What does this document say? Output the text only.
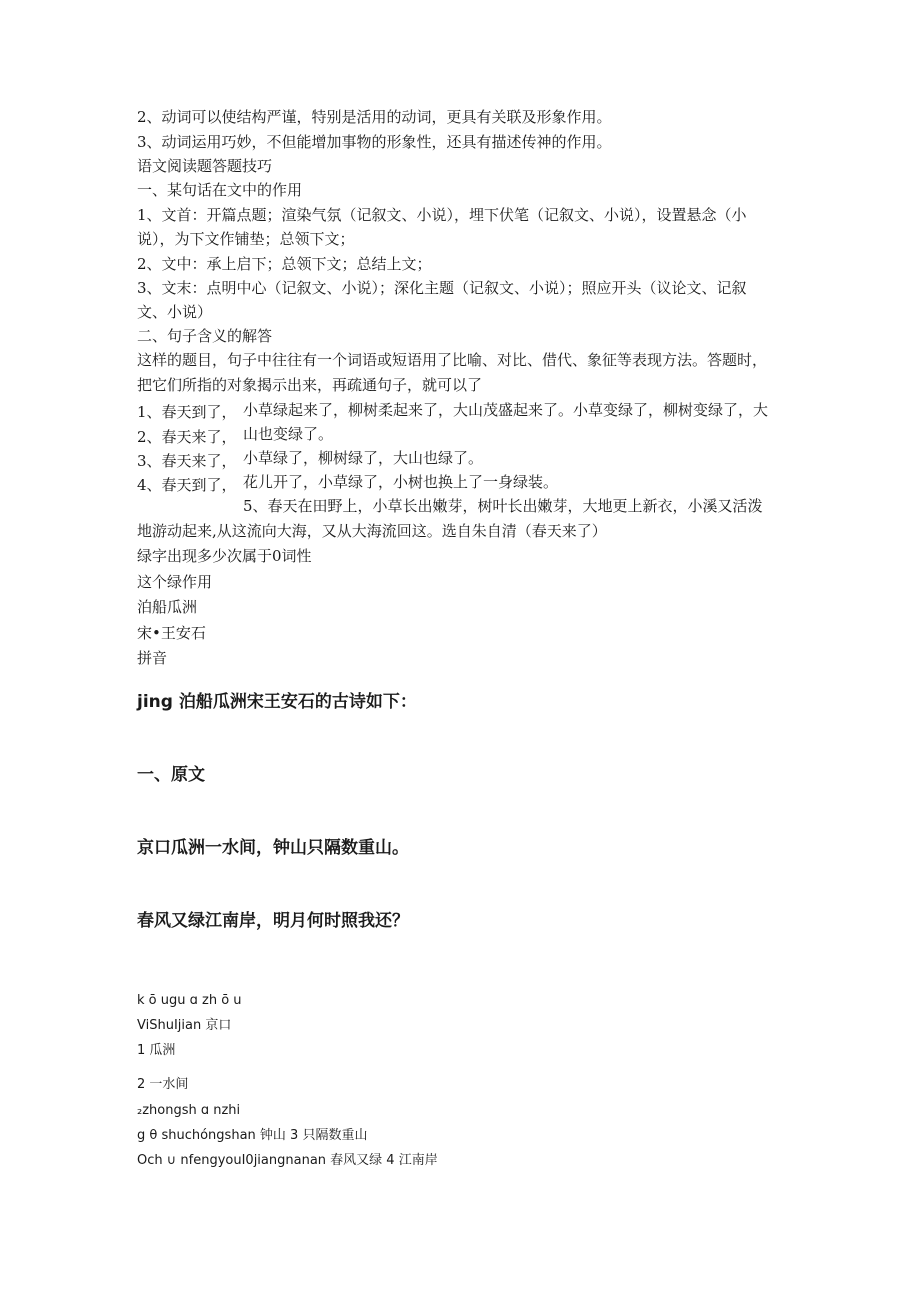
2、动词可以使结构严谨，特别是活用的动词，更具有关联及形象作用。
3、动词运用巧妙，不但能增加事物的形象性，还具有描述传神的作用。
语文阅读题答题技巧
一、某句话在文中的作用
1、文首：开篇点题；渲染气氛（记叙文、小说），埋下伏笔（记叙文、小说），设置悬念（小
说），为下文作铺垫；总领下文；
2、文中：承上启下；总领下文；总结上文；
3、文末：点明中心（记叙文、小说）；深化主题（记叙文、小说）；照应开头（议论文、记叙
文、小说）
二、句子含义的解答
这样的题目，句子中往往有一个词语或短语用了比喻、对比、借代、象征等表现方法。答题时，
把它们所指的对象揭示出来，再疏通句子，就可以了
1、春天到了，
2、春天来了，
3、春天来了，
4、春天到了，
小草绿起来了，柳树柔起来了，大山茂盛起来了。小草变绿了，柳树变绿了，大
山也变绿了。
小草绿了，柳树绿了，大山也绿了。
花儿开了，小草绿了，小树也换上了一身绿装。
5、春天在田野上，小草长出嫩芽，树叶长出嫩芽，大地更上新衣，小溪又活泼
地游动起来,从这流向大海，又从大海流回这。选自朱自清（春天来了）
绿字出现多少次属于0词性
这个绿作用
泊船瓜洲
宋•王安石
拼音
jing 泊船瓜洲宋王安石的古诗如下：
一、原文
京口瓜洲一水间，钟山只隔数重山。
春风又绿江南岸，明月何时照我还？
k ō ugu ɑ zh ō u
ViShuIjian 京口
1 瓜洲
2 一水间
₂zhongsh ɑ nzhi
g θ shuchóngshan 钟山 3 只隔数重山
Och ∪ nfengyouI0jiangnanan 春风又绿 4 江南岸
